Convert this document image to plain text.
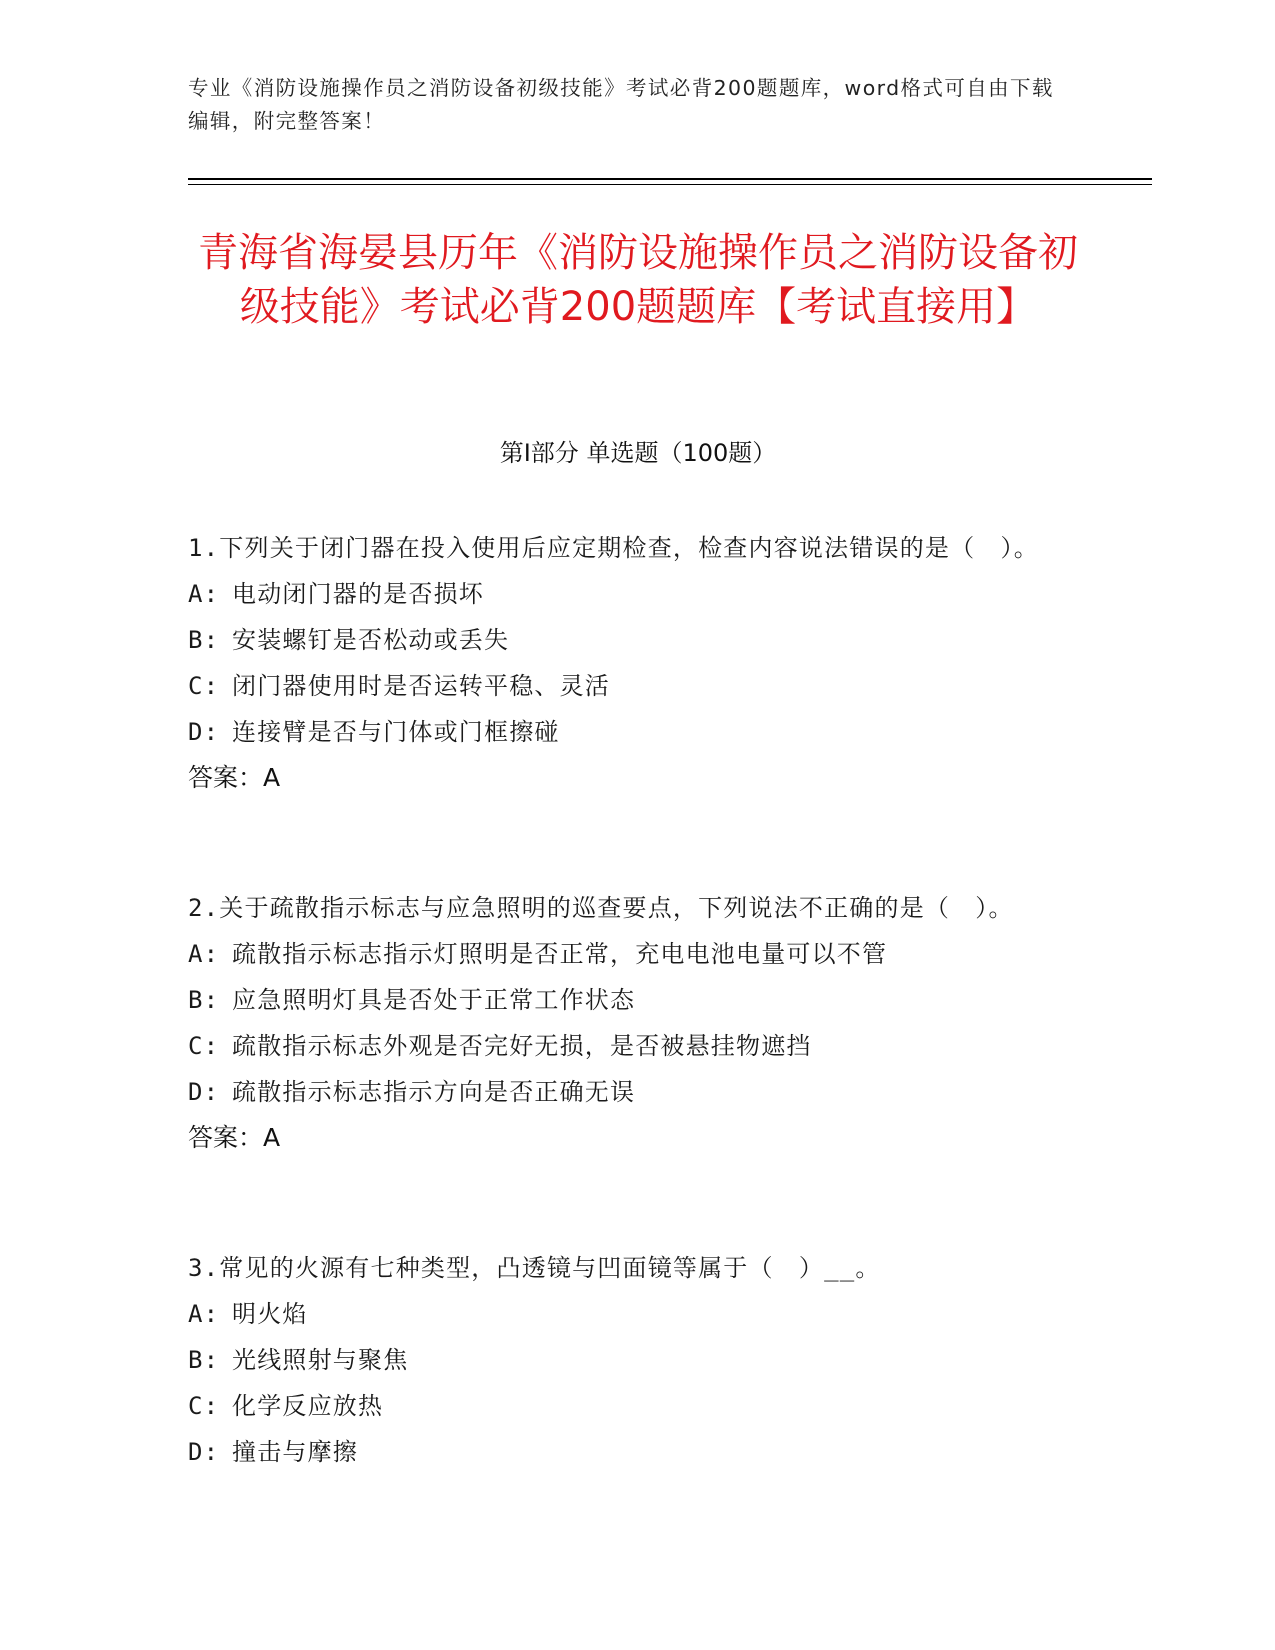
专业《消防设施操作员之消防设备初级技能》考试必背200题题库，word格式可自由下载编辑，附完整答案！
青海省海晏县历年《消防设施操作员之消防设备初级技能》考试必背200题题库【考试直接用】
第Ⅰ部分 单选题（100题）

1.下列关于闭门器在投入使用后应定期检查，检查内容说法错误的是（　）。

A: 电动闭门器的是否损坏

B: 安装螺钉是否松动或丢失

C: 闭门器使用时是否运转平稳、灵活

D: 连接臂是否与门体或门框擦碰

答案：A

2.关于疏散指示标志与应急照明的巡查要点，下列说法不正确的是（　）。

A: 疏散指示标志指示灯照明是否正常，充电电池电量可以不管

B: 应急照明灯具是否处于正常工作状态

C: 疏散指示标志外观是否完好无损，是否被悬挂物遮挡

D: 疏散指示标志指示方向是否正确无误

答案：A

3.常见的火源有七种类型，凸透镜与凹面镜等属于（　）__。

A: 明火焰

B: 光线照射与聚焦

C: 化学反应放热

D: 撞击与摩擦
